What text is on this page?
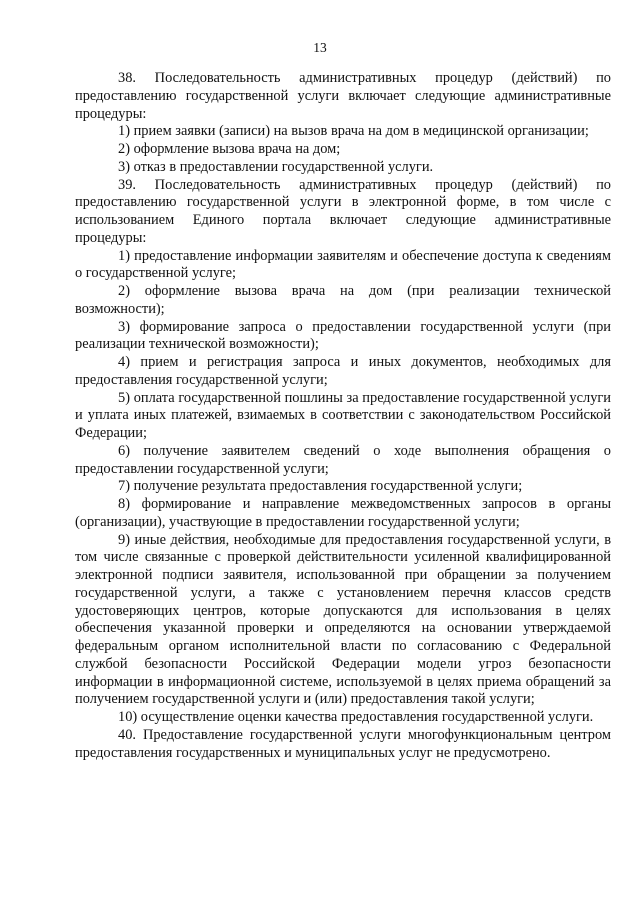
13

38. Последовательность административных процедур (действий) по предоставлению государственной услуги включает следующие административные процедуры:

1) прием заявки (записи) на вызов врача на дом в медицинской организации;

2) оформление вызова врача на дом;

3) отказ в предоставлении государственной услуги.

39. Последовательность административных процедур (действий) по предоставлению государственной услуги в электронной форме, в том числе с использованием Единого портала включает следующие административные процедуры:

1) предоставление информации заявителям и обеспечение доступа к сведениям о государственной услуге;

2) оформление вызова врача на дом (при реализации технической возможности);

3) формирование запроса о предоставлении государственной услуги (при реализации технической возможности);

4) прием и регистрация запроса и иных документов, необходимых для предоставления государственной услуги;

5) оплата государственной пошлины за предоставление государственной услуги и уплата иных платежей, взимаемых в соответствии с законодательством Российской Федерации;

6) получение заявителем сведений о ходе выполнения обращения о предоставлении государственной услуги;

7) получение результата предоставления государственной услуги;

8) формирование и направление межведомственных запросов в органы (организации), участвующие в предоставлении государственной услуги;

9) иные действия, необходимые для предоставления государственной услуги, в том числе связанные с проверкой действительности усиленной квалифицированной электронной подписи заявителя, использованной при обращении за получением государственной услуги, а также с установлением перечня классов средств удостоверяющих центров, которые допускаются для использования в целях обеспечения указанной проверки и определяются на основании утверждаемой федеральным органом исполнительной власти по согласованию с Федеральной службой безопасности Российской Федерации модели угроз безопасности информации в информационной системе, используемой в целях приема обращений за получением государственной услуги и (или) предоставления такой услуги;

10) осуществление оценки качества предоставления государственной услуги.

40. Предоставление государственной услуги многофункциональным центром предоставления государственных и муниципальных услуг не предусмотрено.
